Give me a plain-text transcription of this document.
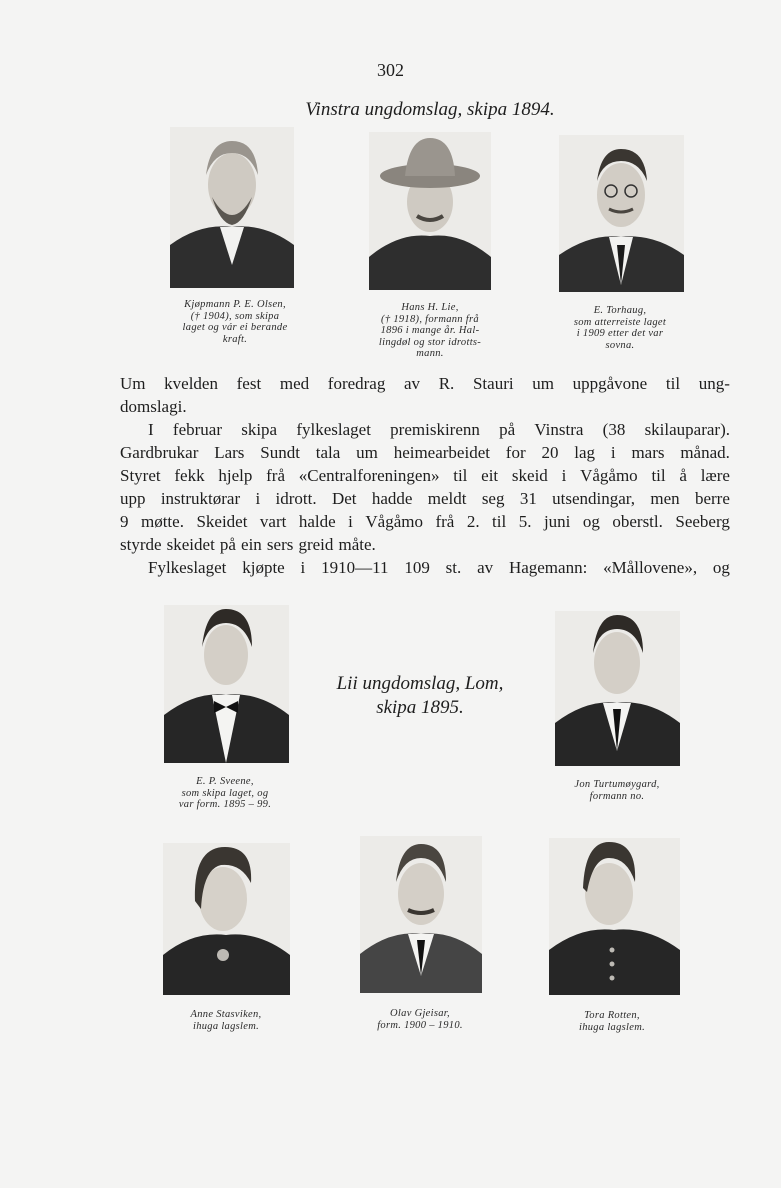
302
Vinstra ungdomslag, skipa 1894.
Kjøpmann P. E. Olsen,
(† 1904), som skipa
laget og vár ei berande
kraft.
Hans H. Lie,
(† 1918), formann frå
1896 i mange år. Hal-
lingdøl og stor idrotts-
mann.
E. Torhaug,
som atterreiste laget
i 1909 etter det var
sovna.
Um kvelden fest med foredrag av R. Stauri um uppgåvone til ung-
domslagi.
I februar skipa fylkeslaget premiskirenn på Vinstra (38 skilauparar).
Gardbrukar Lars Sundt tala um heimearbeidet for 20 lag i mars månad.
Styret fekk hjelp frå «Centralforeningen» til eit skeid i Vågåmo til å lære
upp instruktørar i idrott. Det hadde meldt seg 31 utsendingar, men berre
9 møtte. Skeidet vart halde i Vågåmo frå 2. til 5. juni og oberstl. Seeberg
styrde skeidet på ein sers greid måte.
Fylkeslaget kjøpte i 1910—11 109 st. av Hagemann: «Mållovene», og
Lii ungdomslag, Lom,
skipa 1895.
E. P. Sveene,
som skipa laget, og
var form. 1895 – 99.
Jon Turtumøygard,
formann no.
Anne Stasviken,
ihuga lagslem.
Olav Gjeisar,
form. 1900 – 1910.
Tora Rotten,
ihuga lagslem.
